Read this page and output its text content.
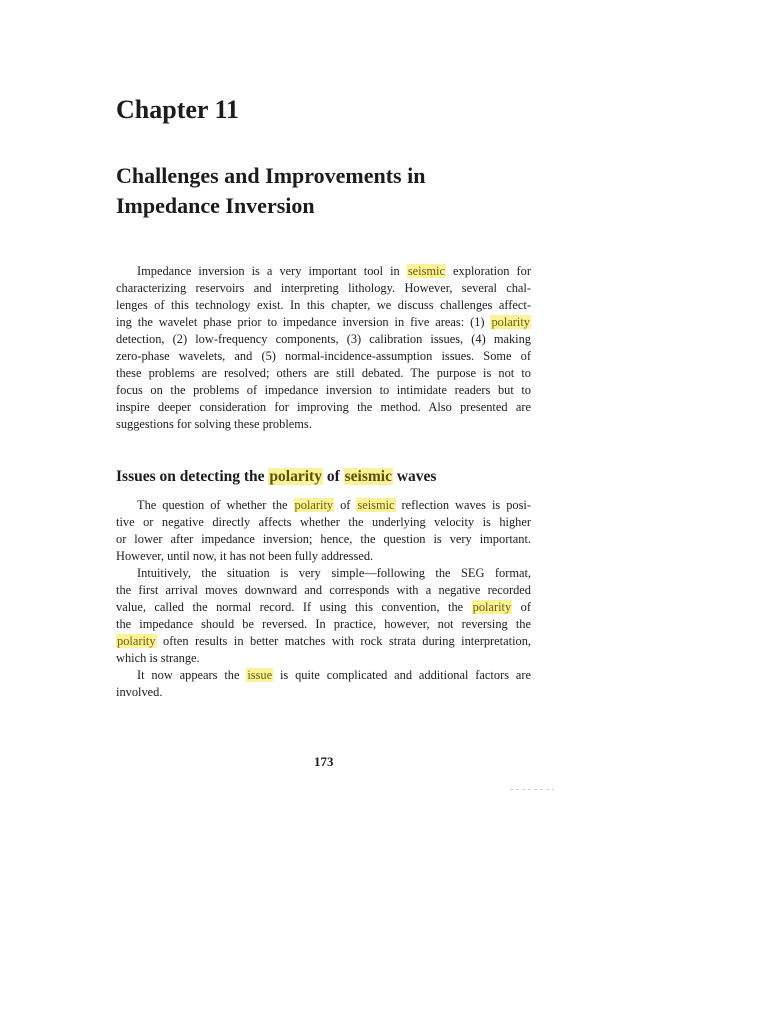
Chapter 11
Challenges and Improvements in
Impedance Inversion

Impedance inversion is a very important tool in seismic exploration for

characterizing reservoirs and interpreting lithology. However, several chal-

lenges of this technology exist. In this chapter, we discuss challenges affect-

ing the wavelet phase prior to impedance inversion in five areas: (1) polarity

detection, (2) low-frequency components, (3) calibration issues, (4) making

zero-phase wavelets, and (5) normal-incidence-assumption issues. Some of

these problems are resolved; others are still debated. The purpose is not to

focus on the problems of impedance inversion to intimidate readers but to

inspire deeper consideration for improving the method. Also presented are

suggestions for solving these problems.

Issues on detecting the polarity of seismic waves

The question of whether the polarity of seismic reflection waves is posi-

tive or negative directly affects whether the underlying velocity is higher

or lower after impedance inversion; hence, the question is very important.

However, until now, it has not been fully addressed.

Intuitively, the situation is very simple—following the SEG format,

the first arrival moves downward and corresponds with a negative recorded

value, called the normal record. If using this convention, the polarity of

the impedance should be reversed. In practice, however, not reversing the

polarity often results in better matches with rock strata during interpretation,

which is strange.

It now appears the issue is quite complicated and additional factors are

involved.

173
